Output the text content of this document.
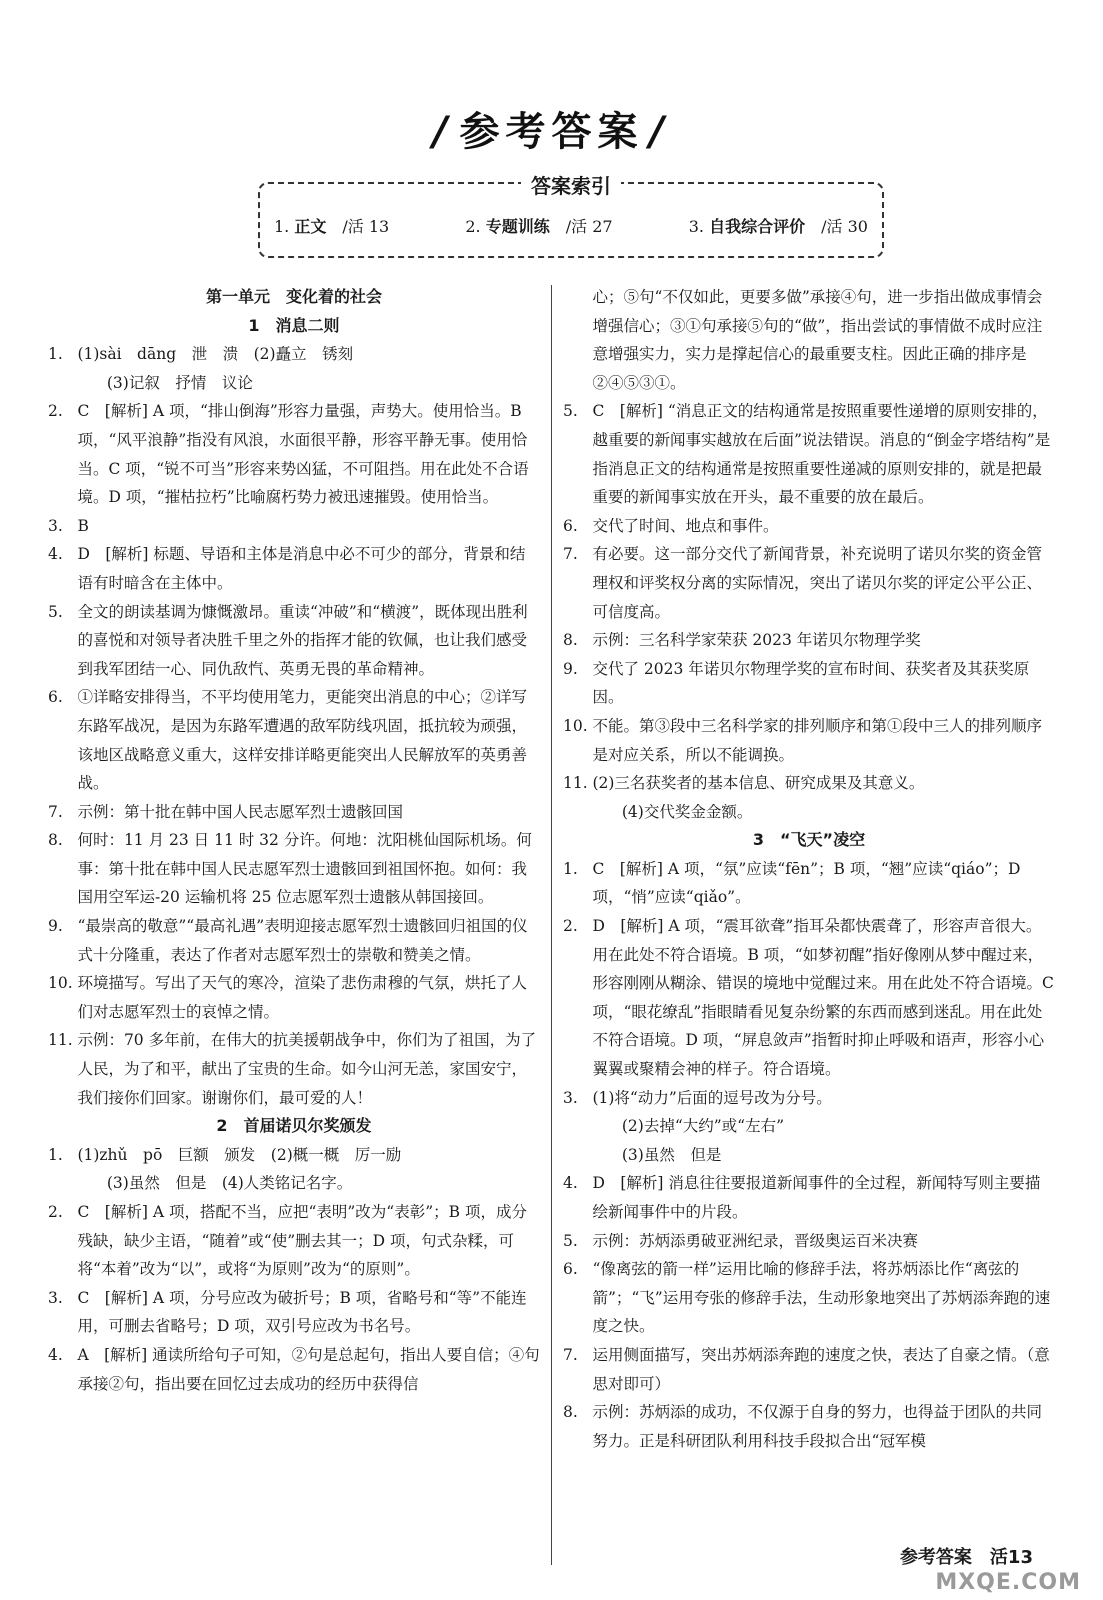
/ 参考答案 /
答案索引
1. 正文　 /活 13	2. 专题训练　 /活 27	3. 自我综合评价　 /活 30
第一单元　变化着的社会
1　消息二则
1. (1)sài　dāng　泄　溃　(2)矗立　锈刻
(3)记叙　抒情　议论
2. C　[解析] A 项，“排山倒海”形容力量强，声势大。使用恰当。B 项，“风平浪静”指没有风浪，水面很平静，形容平静无事。使用恰当。C 项，“锐不可当”形容来势凶猛，不可阻挡。用在此处不合语境。D 项，“摧枯拉朽”比喻腐朽势力被迅速摧毁。使用恰当。
3. B
4. D　[解析] 标题、导语和主体是消息中必不可少的部分，背景和结语有时暗含在主体中。
5. 全文的朗读基调为慷慨激昂。重读“冲破”和“横渡”，既体现出胜利的喜悦和对领导者决胜千里之外的指挥才能的钦佩，也让我们感受到我军团结一心、同仇敌忾、英勇无畏的革命精神。
6. ①详略安排得当，不平均使用笔力，更能突出消息的中心；②详写东路军战况，是因为东路军遭遇的敌军防线巩固，抵抗较为顽强，该地区战略意义重大，这样安排详略更能突出人民解放军的英勇善战。
7. 示例：第十批在韩中国人民志愿军烈士遗骸回国
8. 何时：11 月 23 日 11 时 32 分许。何地：沈阳桃仙国际机场。何事：第十批在韩中国人民志愿军烈士遗骸回到祖国怀抱。如何：我国用空军运-20 运输机将 25 位志愿军烈士遗骸从韩国接回。
9. “最崇高的敬意”“最高礼遇”表明迎接志愿军烈士遗骸回归祖国的仪式十分隆重，表达了作者对志愿军烈士的崇敬和赞美之情。
10. 环境描写。写出了天气的寒冷，渲染了悲伤肃穆的气氛，烘托了人们对志愿军烈士的哀悼之情。
11. 示例：70 多年前，在伟大的抗美援朝战争中，你们为了祖国，为了人民，为了和平，献出了宝贵的生命。如今山河无恙，家国安宁，我们接你们回家。谢谢你们，最可爱的人！
2　首届诺贝尔奖颁发
1. (1)zhǔ　pō　巨额　颁发　(2)概一概　厉一励
(3)虽然　但是　(4)人类铭记名字。
2. C　[解析] A 项，搭配不当，应把“表明”改为“表彰”；B 项，成分残缺，缺少主语，“随着”或“使”删去其一；D 项，句式杂糅，可将“本着”改为“以”，或将“为原则”改为“的原则”。
3. C　[解析] A 项，分号应改为破折号；B 项，省略号和“等”不能连用，可删去省略号；D 项，双引号应改为书名号。
4. A　[解析] 通读所给句子可知，②句是总起句，指出人要自信；④句承接②句，指出要在回忆过去成功的经历中获得信
心；⑤句“不仅如此，更要多做”承接④句，进一步指出做成事情会增强信心；③①句承接⑤句的“做”，指出尝试的事情做不成时应注意增强实力，实力是撑起信心的最重要支柱。因此正确的排序是②④⑤③①。
5. C　[解析] “消息正文的结构通常是按照重要性递增的原则安排的，越重要的新闻事实越放在后面”说法错误。消息的“倒金字塔结构”是指消息正文的结构通常是按照重要性递减的原则安排的，就是把最重要的新闻事实放在开头，最不重要的放在最后。
6. 交代了时间、地点和事件。
7. 有必要。这一部分交代了新闻背景，补充说明了诺贝尔奖的资金管理权和评奖权分离的实际情况，突出了诺贝尔奖的评定公平公正、可信度高。
8. 示例：三名科学家荣获 2023 年诺贝尔物理学奖
9. 交代了 2023 年诺贝尔物理学奖的宣布时间、获奖者及其获奖原因。
10. 不能。第③段中三名科学家的排列顺序和第①段中三人的排列顺序是对应关系，所以不能调换。
11. (2)三名获奖者的基本信息、研究成果及其意义。
(4)交代奖金金额。
3　“飞天”凌空
1. C　[解析] A 项，“氛”应读“fēn”；B 项，“翘”应读“qiáo”；D 项，“悄”应读“qiǎo”。
2. D　[解析] A 项，“震耳欲聋”指耳朵都快震聋了，形容声音很大。用在此处不符合语境。B 项，“如梦初醒”指好像刚从梦中醒过来，形容刚刚从糊涂、错误的境地中觉醒过来。用在此处不符合语境。C 项，“眼花缭乱”指眼睛看见复杂纷繁的东西而感到迷乱。用在此处不符合语境。D 项，“屏息敛声”指暂时抑止呼吸和语声，形容小心翼翼或聚精会神的样子。符合语境。
3. (1)将“动力”后面的逗号改为分号。
(2)去掉“大约”或“左右”
(3)虽然　但是
4. D　[解析] 消息往往要报道新闻事件的全过程，新闻特写则主要描绘新闻事件中的片段。
5. 示例：苏炳添勇破亚洲纪录，晋级奥运百米决赛
6. “像离弦的箭一样”运用比喻的修辞手法，将苏炳添比作“离弦的箭”；“飞”运用夸张的修辞手法，生动形象地突出了苏炳添奔跑的速度之快。
7. 运用侧面描写，突出苏炳添奔跑的速度之快，表达了自豪之情。（意思对即可）
8. 示例：苏炳添的成功，不仅源于自身的努力，也得益于团队的共同努力。正是科研团队利用科技手段拟合出“冠军模
参考答案　活13
MXQE.COM
